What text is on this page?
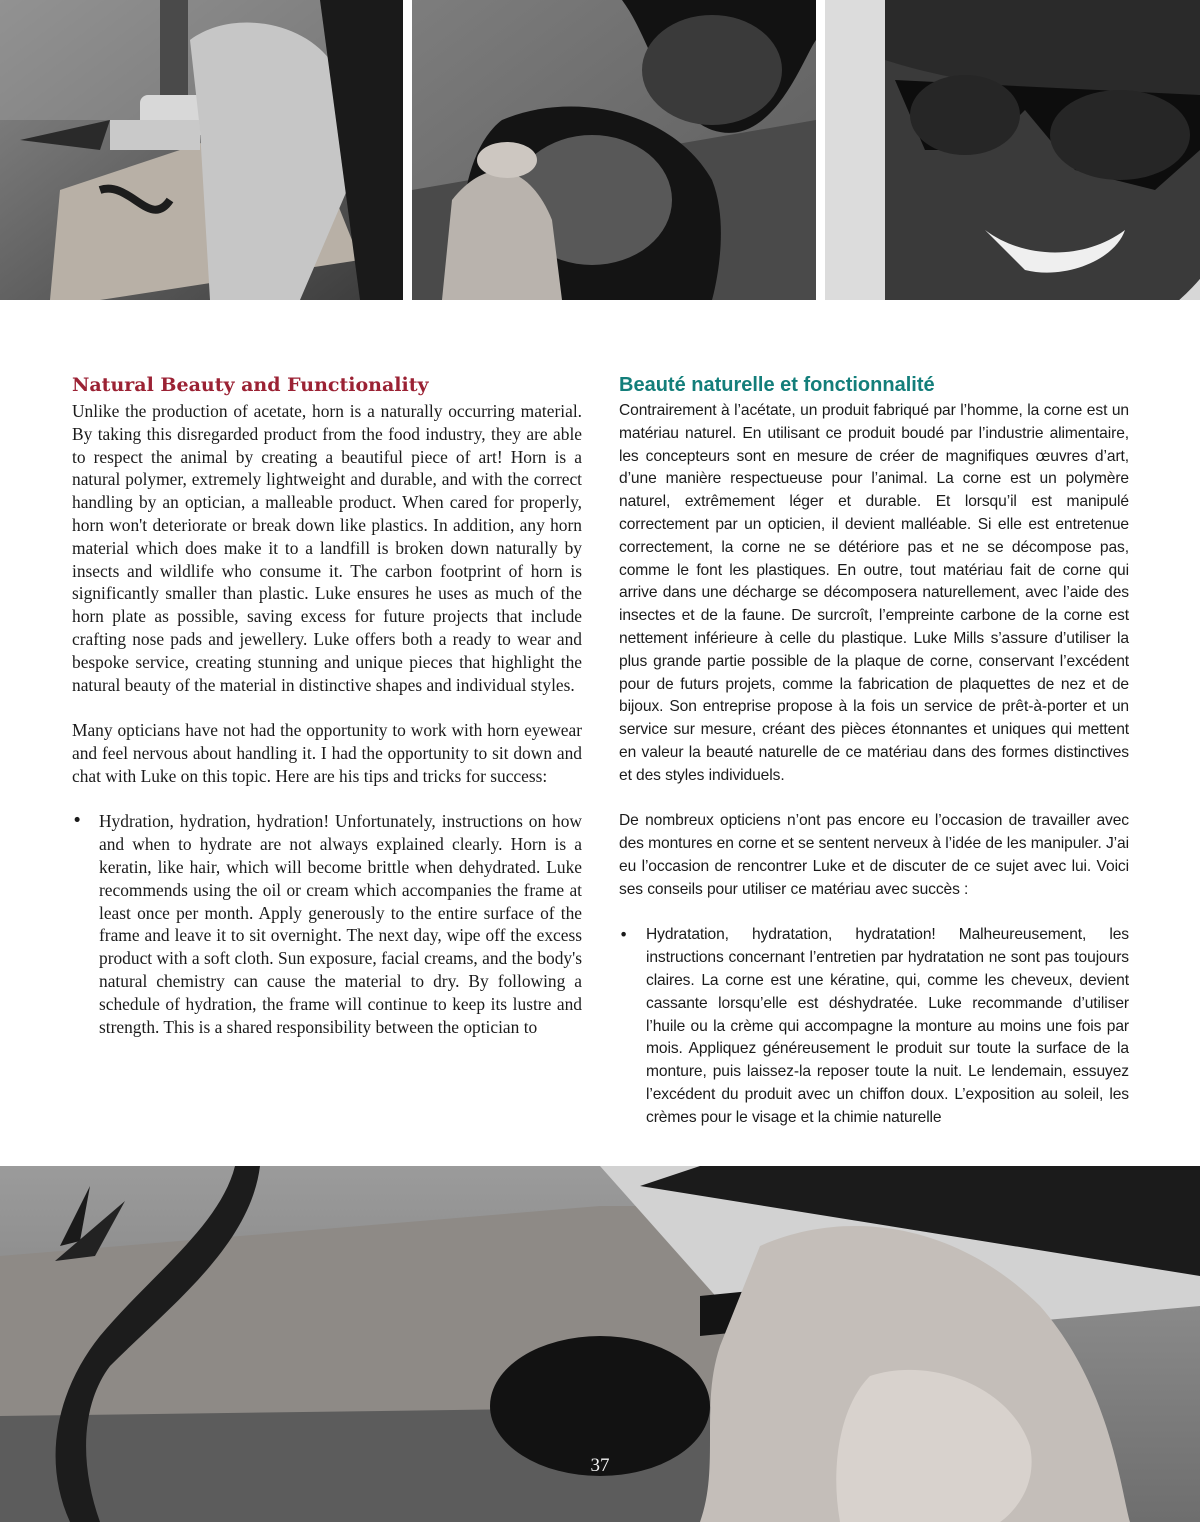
Natural Beauty and Functionality

Unlike the production of acetate, horn is a naturally occurring material. By taking this disregarded product from the food industry, they are able to respect the animal by creating a beautiful piece of art! Horn is a natural polymer, extremely lightweight and durable, and with the correct handling by an optician, a malleable product. When cared for properly, horn won't deteriorate or break down like plastics. In addition, any horn material which does make it to a landfill is broken down naturally by insects and wildlife who consume it. The carbon footprint of horn is significantly smaller than plastic. Luke ensures he uses as much of the horn plate as possible, saving excess for future projects that include crafting nose pads and jewellery. Luke offers both a ready to wear and bespoke service, creating stunning and unique pieces that highlight the natural beauty of the material in distinctive shapes and individual styles.

Many opticians have not had the opportunity to work with horn eyewear and feel nervous about handling it. I had the opportunity to sit down and chat with Luke on this topic. Here are his tips and tricks for success:

• Hydration, hydration, hydration! Unfortunately, instructions on how and when to hydrate are not always explained clearly. Horn is a keratin, like hair, which will become brittle when dehydrated. Luke recommends using the oil or cream which accompanies the frame at least once per month. Apply generously to the entire surface of the frame and leave it to sit overnight. The next day, wipe off the excess product with a soft cloth. Sun exposure, facial creams, and the body's natural chemistry can cause the material to dry. By following a schedule of hydration, the frame will continue to keep its lustre and strength. This is a shared responsibility between the optician to
Beauté naturelle et fonctionnalité

Contrairement à l’acétate, un produit fabriqué par l’homme, la corne est un matériau naturel. En utilisant ce produit boudé par l’industrie alimentaire, les concepteurs sont en mesure de créer de magnifiques œuvres d’art, d’une manière respectueuse pour l’animal. La corne est un polymère naturel, extrêmement léger et durable. Et lorsqu’il est manipulé correctement par un opticien, il devient malléable. Si elle est entretenue correctement, la corne ne se détériore pas et ne se décompose pas, comme le font les plastiques. En outre, tout matériau fait de corne qui arrive dans une décharge se décomposera naturellement, avec l’aide des insectes et de la faune. De surcroît, l’empreinte carbone de la corne est nettement inférieure à celle du plastique. Luke Mills s’assure d’utiliser la plus grande partie possible de la plaque de corne, conservant l’excédent pour de futurs projets, comme la fabrication de plaquettes de nez et de bijoux. Son entreprise propose à la fois un service de prêt-à-porter et un service sur mesure, créant des pièces étonnantes et uniques qui mettent en valeur la beauté naturelle de ce matériau dans des formes distinctives et des styles individuels.

De nombreux opticiens n’ont pas encore eu l’occasion de travailler avec des montures en corne et se sentent nerveux à l’idée de les manipuler. J’ai eu l’occasion de rencontrer Luke et de discuter de ce sujet avec lui. Voici ses conseils pour utiliser ce matériau avec succès :

•	Hydratation, hydratation, hydratation! Malheureusement, les instructions concernant l’entretien par hydratation ne sont pas toujours claires. La corne est une kératine, qui, comme les cheveux, devient cassante lorsqu’elle est déshydratée. Luke recommande d’utiliser l’huile ou la crème qui accompagne la monture au moins une fois par mois. Appliquez généreusement le produit sur toute la surface de la monture, puis laissez-la reposer toute la nuit. Le lendemain, essuyez l’excédent du produit avec un chiffon doux. L’exposition au soleil, les crèmes pour le visage et la chimie naturelle
37
